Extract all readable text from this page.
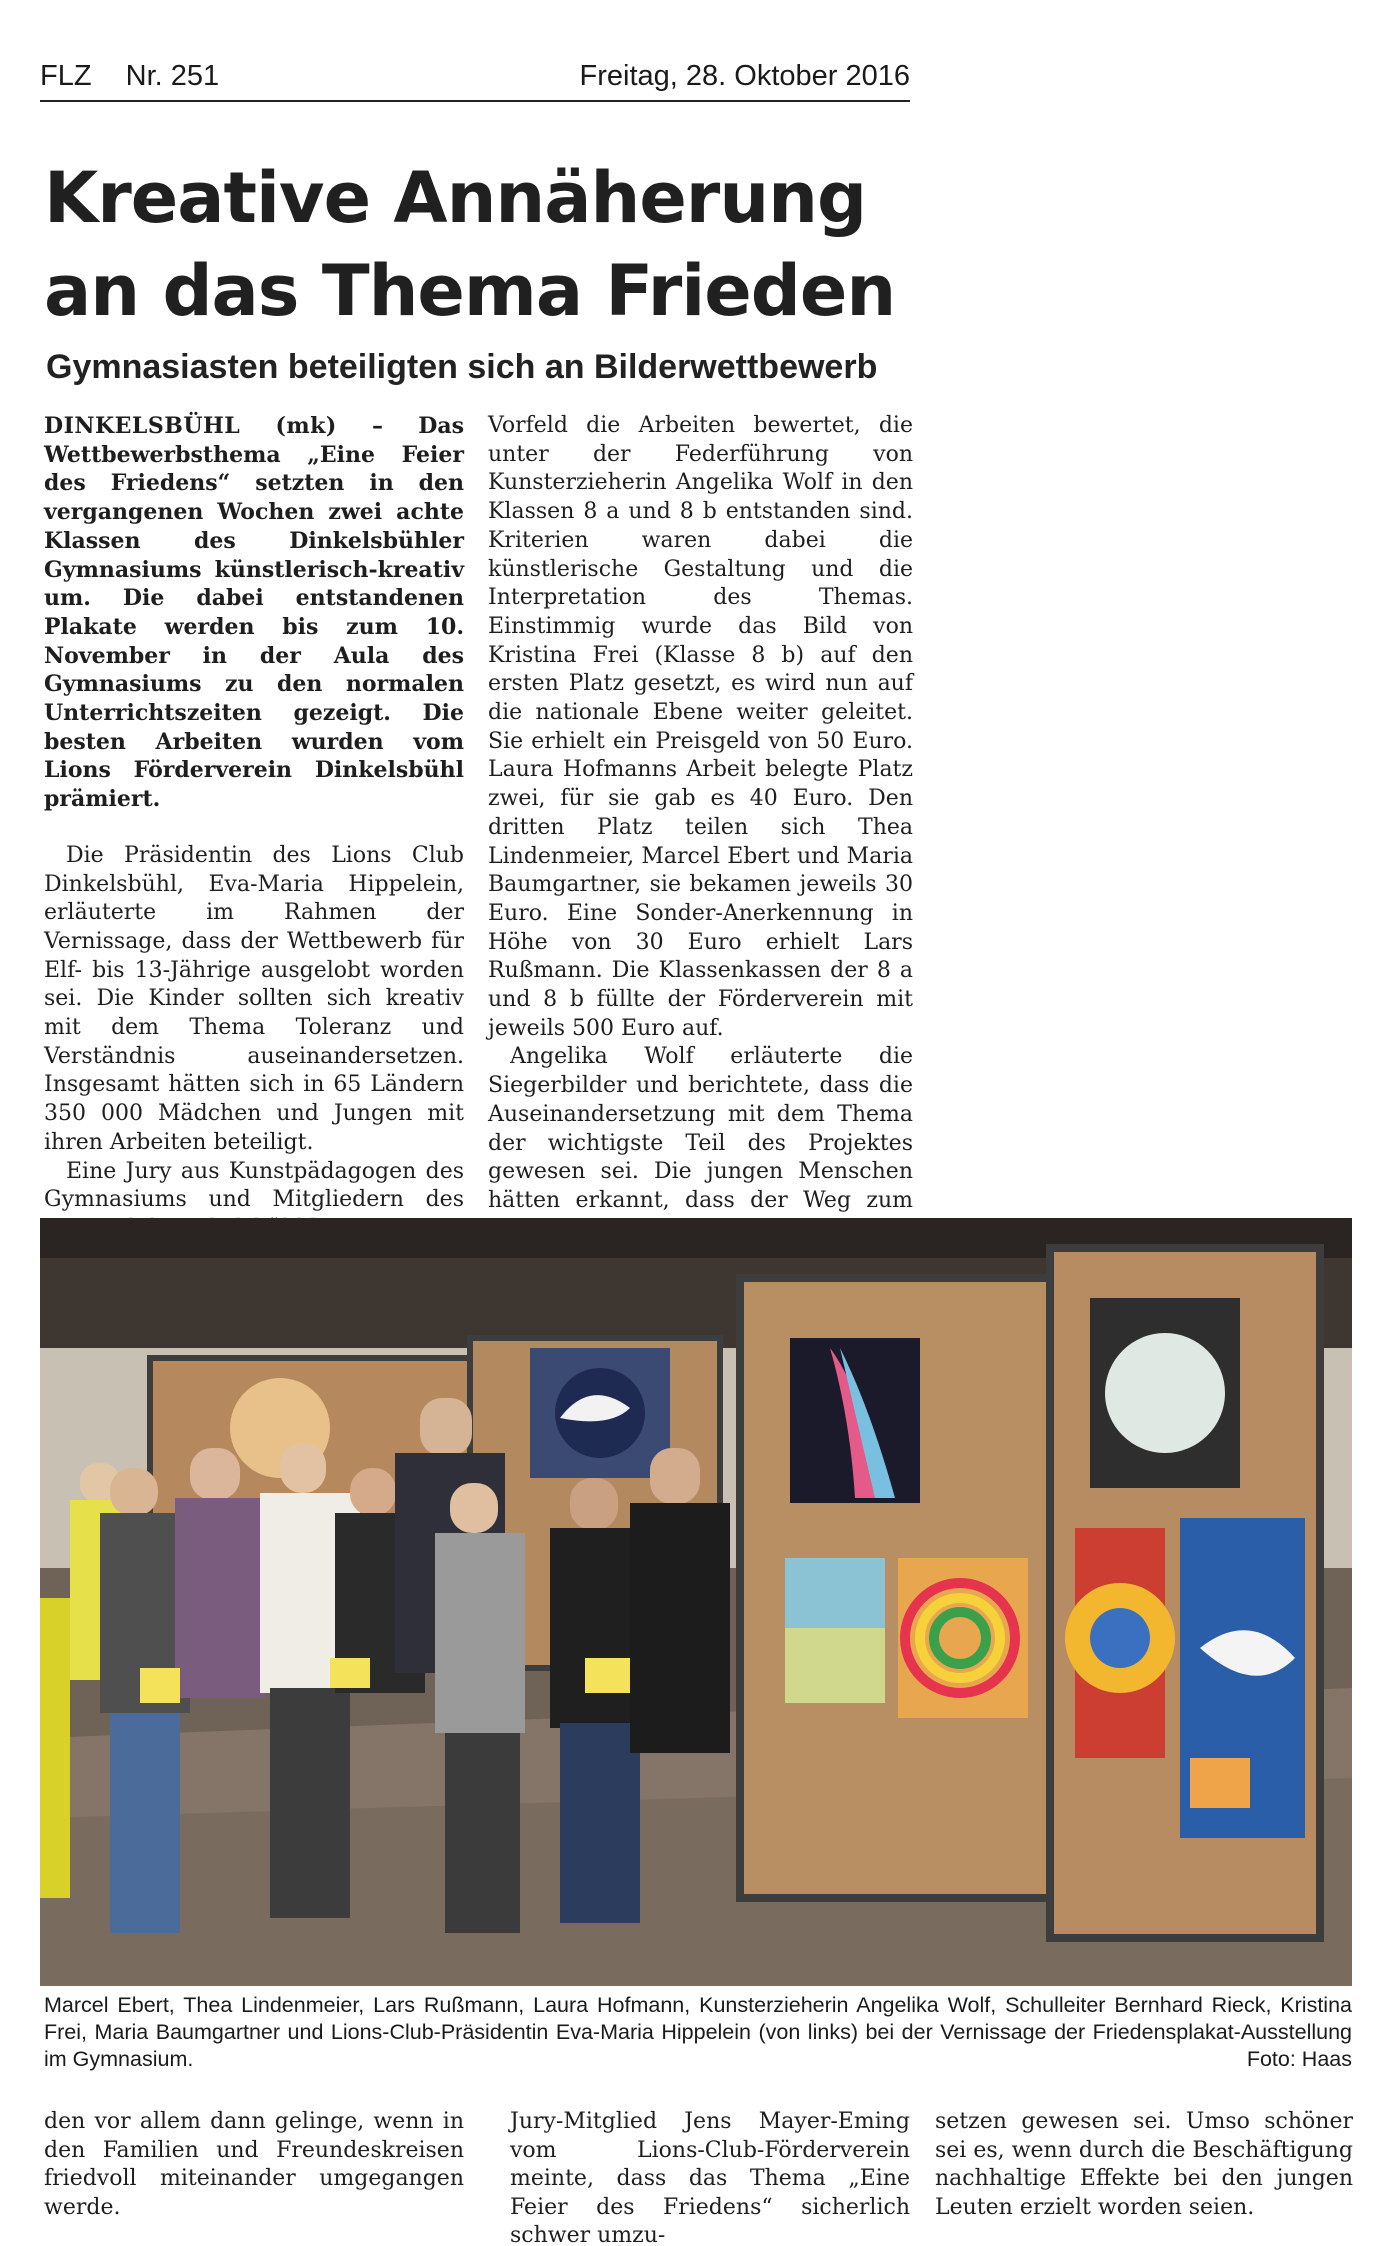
FLZ Nr. 251	Freitag, 28. Oktober 2016
Kreative Annäherung
an das Thema Frieden
Gymnasiasten beteiligten sich an Bilderwettbewerb

DINKELSBÜHL (mk) – Das Wettbewerbsthema „Eine Feier des Friedens“ setzten in den vergangenen Wochen zwei achte Klassen des Dinkelsbühler Gymnasiums künstlerisch-kreativ um. Die dabei entstandenen Plakate werden bis zum 10. November in der Aula des Gymnasiums zu den normalen Unterrichtszeiten gezeigt. Die besten Arbeiten wurden vom Lions Förderverein Dinkelsbühl prämiert.

Die Präsidentin des Lions Club Dinkelsbühl, Eva-Maria Hippelein, erläuterte im Rahmen der Vernissage, dass der Wettbewerb für Elf- bis 13-Jährige ausgelobt worden sei. Die Kinder sollten sich kreativ mit dem Thema Toleranz und Verständnis auseinandersetzen. Insgesamt hätten sich in 65 Ländern 350 000 Mädchen und Jungen mit ihren Arbeiten beteiligt.

Eine Jury aus Kunstpädagogen des Gymnasiums und Mitgliedern des

Vorfeld die Arbeiten bewertet, die unter der Federführung von Kunsterzieherin Angelika Wolf in den Klassen 8 a und 8 b entstanden sind. Kriterien waren dabei die künstlerische Gestaltung und die Interpretation des Themas. Einstimmig wurde das Bild von Kristina Frei (Klasse 8 b) auf den ersten Platz gesetzt, es wird nun auf die nationale Ebene weiter geleitet. Sie erhielt ein Preisgeld von 50 Euro. Laura Hofmanns Arbeit belegte Platz zwei, für sie gab es 40 Euro. Den dritten Platz teilen sich Thea Lindenmeier, Marcel Ebert und Maria Baumgartner, sie bekamen jeweils 30 Euro. Eine Sonder-Anerkennung in Höhe von 30 Euro erhielt Lars Rußmann. Die Klassenkassen der 8 a und 8 b füllte der Förderverein mit jeweils 500 Euro auf.

Angelika Wolf erläuterte die Siegerbilder und berichtete, dass die Auseinandersetzung mit dem Thema der wichtigste Teil des Projektes gewesen sei. Die jungen Menschen hätten erkannt, dass der Weg zum

Marcel Ebert, Thea Lindenmeier, Lars Rußmann, Laura Hofmann, Kunsterzieherin Angelika Wolf, Schulleiter Bernhard Rieck, Kristina Frei, Maria Baumgartner und Lions-Club-Präsidentin Eva-Maria Hippelein (von links) bei der Vernissage der Friedensplakat-Ausstellung im Gymnasium.	Foto: Haas

den vor allem dann gelinge, wenn in den Familien und Freundeskreisen friedvoll miteinander umgegangen werde.

Jury-Mitglied Jens Mayer-Eming vom Lions-Club-Förderverein meinte, dass das Thema „Eine Feier des Friedens“ sicherlich schwer umzu-

setzen gewesen sei. Umso schöner sei es, wenn durch die Beschäftigung nachhaltige Effekte bei den jungen Leuten erzielt worden seien.
